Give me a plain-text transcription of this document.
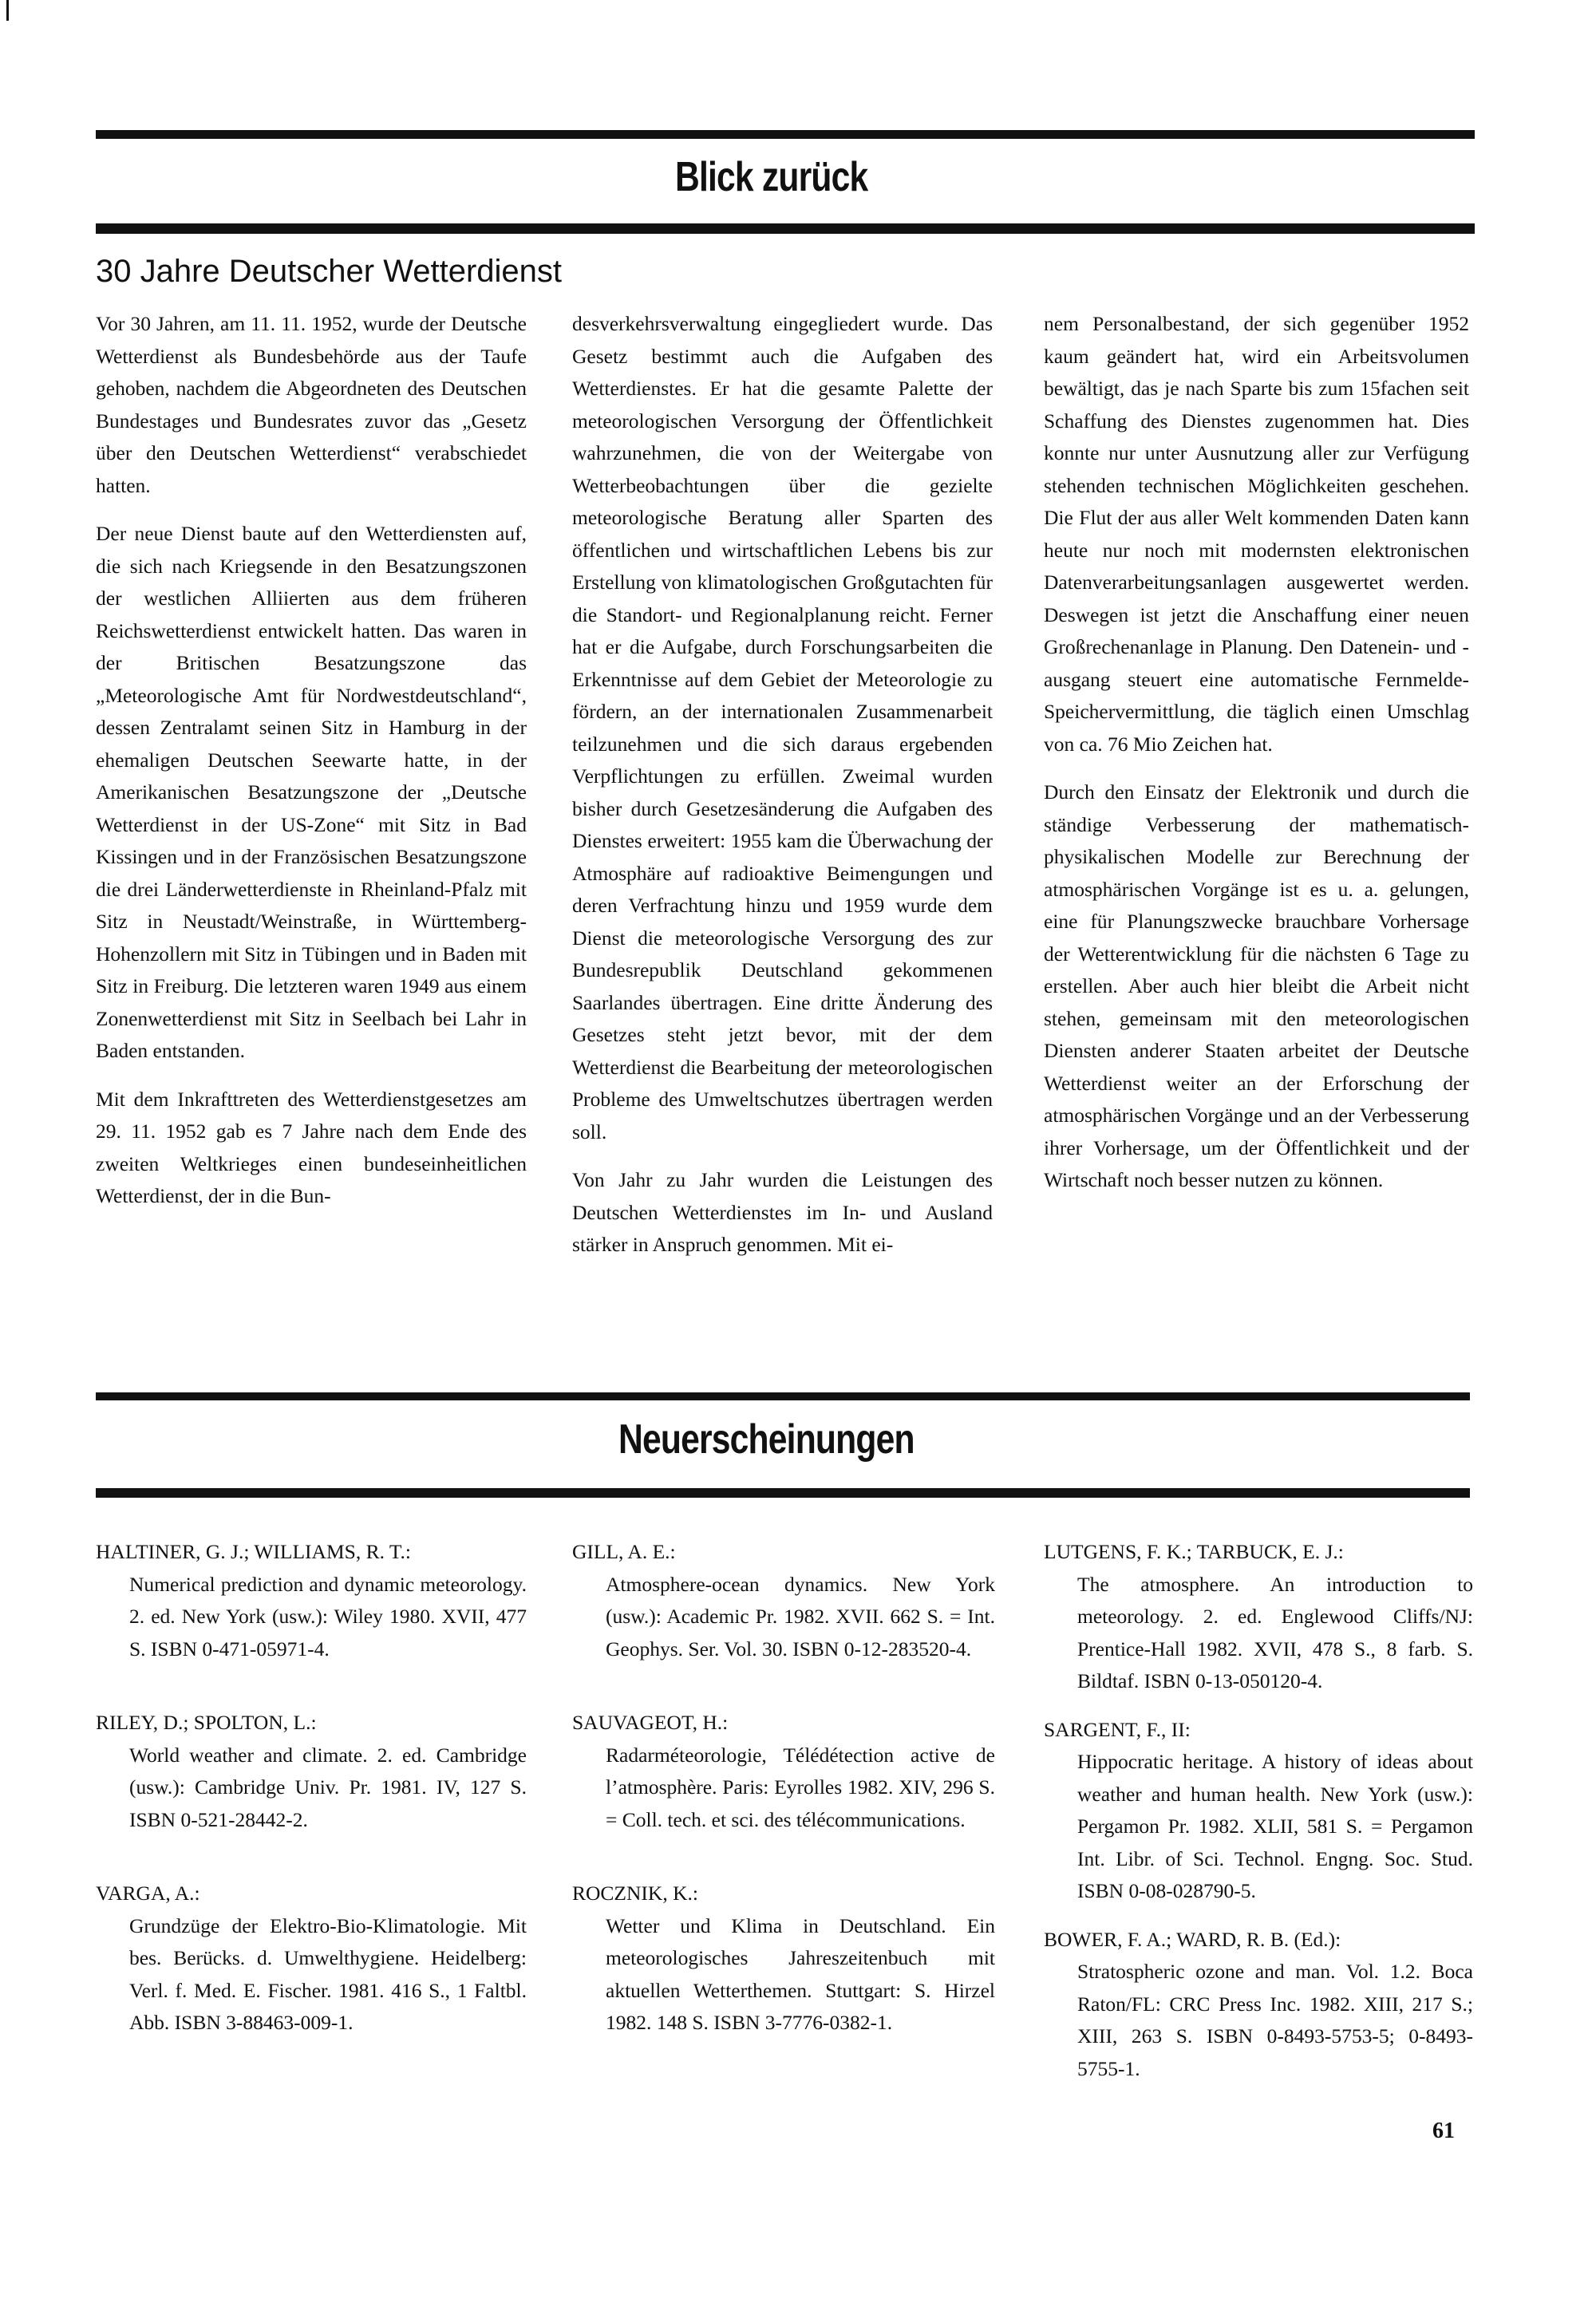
Blick zurück
30 Jahre Deutscher Wetterdienst

Vor 30 Jahren, am 11. 11. 1952, wurde der Deutsche Wetterdienst als Bundesbehörde aus der Taufe gehoben, nachdem die Abgeordneten des Deutschen Bundestages und Bundesrates zuvor das „Gesetz über den Deutschen Wetterdienst“ verabschiedet hatten.

Der neue Dienst baute auf den Wetterdiensten auf, die sich nach Kriegsende in den Besatzungszonen der westlichen Alliierten aus dem früheren Reichswetterdienst entwickelt hatten. Das waren in der Britischen Besatzungszone das „Meteorologische Amt für Nordwestdeutschland“, dessen Zentralamt seinen Sitz in Hamburg in der ehemaligen Deutschen Seewarte hatte, in der Amerikanischen Besatzungszone der „Deutsche Wetterdienst in der US-Zone“ mit Sitz in Bad Kissingen und in der Französischen Besatzungszone die drei Länderwetterdienste in Rheinland-Pfalz mit Sitz in Neustadt/Weinstraße, in Württemberg-Hohenzollern mit Sitz in Tübingen und in Baden mit Sitz in Freiburg. Die letzteren waren 1949 aus einem Zonenwetterdienst mit Sitz in Seelbach bei Lahr in Baden entstanden.

Mit dem Inkrafttreten des Wetterdienstgesetzes am 29. 11. 1952 gab es 7 Jahre nach dem Ende des zweiten Weltkrieges einen bundeseinheitlichen Wetterdienst, der in die Bun-

desverkehrsverwaltung eingegliedert wurde. Das Gesetz bestimmt auch die Aufgaben des Wetterdienstes. Er hat die gesamte Palette der meteorologischen Versorgung der Öffentlichkeit wahrzunehmen, die von der Weitergabe von Wetterbeobachtungen über die gezielte meteorologische Beratung aller Sparten des öffentlichen und wirtschaftlichen Lebens bis zur Erstellung von klimatologischen Großgutachten für die Standort- und Regionalplanung reicht. Ferner hat er die Aufgabe, durch Forschungsarbeiten die Erkenntnisse auf dem Gebiet der Meteorologie zu fördern, an der internationalen Zusammenarbeit teilzunehmen und die sich daraus ergebenden Verpflichtungen zu erfüllen. Zweimal wurden bisher durch Gesetzesänderung die Aufgaben des Dienstes erweitert: 1955 kam die Überwachung der Atmosphäre auf radioaktive Beimengungen und deren Verfrachtung hinzu und 1959 wurde dem Dienst die meteorologische Versorgung des zur Bundesrepublik Deutschland gekommenen Saarlandes übertragen. Eine dritte Änderung des Gesetzes steht jetzt bevor, mit der dem Wetterdienst die Bearbeitung der meteorologischen Probleme des Umweltschutzes übertragen werden soll.

Von Jahr zu Jahr wurden die Leistungen des Deutschen Wetterdienstes im In- und Ausland stärker in Anspruch genommen. Mit ei-

nem Personalbestand, der sich gegenüber 1952 kaum geändert hat, wird ein Arbeitsvolumen bewältigt, das je nach Sparte bis zum 15fachen seit Schaffung des Dienstes zugenommen hat. Dies konnte nur unter Ausnutzung aller zur Verfügung stehenden technischen Möglichkeiten geschehen. Die Flut der aus aller Welt kommenden Daten kann heute nur noch mit modernsten elektronischen Datenverarbeitungsanlagen ausgewertet werden. Deswegen ist jetzt die Anschaffung einer neuen Großrechenanlage in Planung. Den Datenein- und -ausgang steuert eine automatische Fernmelde-Speichervermittlung, die täglich einen Umschlag von ca. 76 Mio Zeichen hat.

Durch den Einsatz der Elektronik und durch die ständige Verbesserung der mathematisch-physikalischen Modelle zur Berechnung der atmosphärischen Vorgänge ist es u. a. gelungen, eine für Planungszwecke brauchbare Vorhersage der Wetterentwicklung für die nächsten 6 Tage zu erstellen. Aber auch hier bleibt die Arbeit nicht stehen, gemeinsam mit den meteorologischen Diensten anderer Staaten arbeitet der Deutsche Wetterdienst weiter an der Erforschung der atmosphärischen Vorgänge und an der Verbesserung ihrer Vorhersage, um der Öffentlichkeit und der Wirtschaft noch besser nutzen zu können.

Neuerscheinungen
HALTINER, G. J.; WILLIAMS, R. T.:
Numerical prediction and dynamic meteorology. 2. ed. New York (usw.): Wiley 1980. XVII, 477 S. ISBN 0-471-05971-4.
RILEY, D.; SPOLTON, L.:
World weather and climate. 2. ed. Cambridge (usw.): Cambridge Univ. Pr. 1981. IV, 127 S. ISBN 0-521-28442-2.
VARGA, A.:
Grundzüge der Elektro-Bio-Klimatologie. Mit bes. Berücks. d. Umwelthygiene. Heidelberg: Verl. f. Med. E. Fischer. 1981. 416 S., 1 Faltbl. Abb. ISBN 3-88463-009-1.
GILL, A. E.:
Atmosphere-ocean dynamics. New York (usw.): Academic Pr. 1982. XVII. 662 S. = Int. Geophys. Ser. Vol. 30. ISBN 0-12-283520-4.
SAUVAGEOT, H.:
Radarméteorologie, Télédétection active de l’atmosphère. Paris: Eyrolles 1982. XIV, 296 S. = Coll. tech. et sci. des télécommunications.
ROCZNIK, K.:
Wetter und Klima in Deutschland. Ein meteorologisches Jahreszeitenbuch mit aktuellen Wetterthemen. Stuttgart: S. Hirzel 1982. 148 S. ISBN 3-7776-0382-1.
LUTGENS, F. K.; TARBUCK, E. J.:
The atmosphere. An introduction to meteorology. 2. ed. Englewood Cliffs/NJ: Prentice-Hall 1982. XVII, 478 S., 8 farb. S. Bildtaf. ISBN 0-13-050120-4.
SARGENT, F., II:
Hippocratic heritage. A history of ideas about weather and human health. New York (usw.): Pergamon Pr. 1982. XLII, 581 S. = Pergamon Int. Libr. of Sci. Technol. Engng. Soc. Stud. ISBN 0-08-028790-5.
BOWER, F. A.; WARD, R. B. (Ed.):
Stratospheric ozone and man. Vol. 1.2. Boca Raton/FL: CRC Press Inc. 1982. XIII, 217 S.; XIII, 263 S. ISBN 0-8493-5753-5; 0-8493-5755-1.
61
